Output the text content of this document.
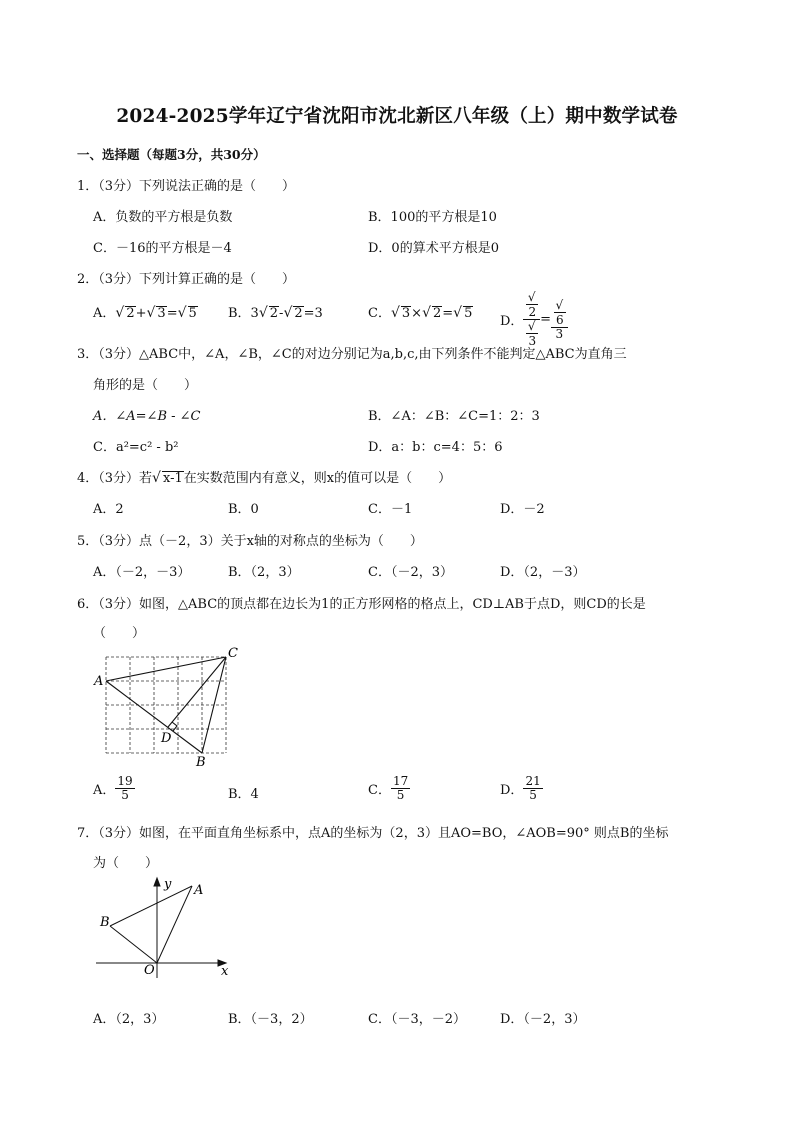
2024-2025学年辽宁省沈阳市沈北新区八年级（上）期中数学试卷
一、选择题（每题3分，共30分）
1．（3分）下列说法正确的是（　　）
A．负数的平方根是负数	B．100的平方根是10
C．－16的平方根是－4	D．0的算术平方根是0
2．（3分）下列计算正确的是（　　）
A．√ 2+√ 3=√ 5 B．3√ 2-√ 2=3	C．√ 3×√ 2=√ 5
D． √
2
√
3 = √
6
3
3．（3分）△ABC中，∠A，∠B，∠C的对边分别记为a,b,c,由下列条件不能判定△ABC为直角三
角形的是（　　）
A．∠A=∠B - ∠C	B．∠A：∠B：∠C=1：2：3
C．a²=c² - b²	D．a：b：c=4：5：6
4．（3分）若√ x-1在实数范围内有意义，则x的值可以是（　　）
A．2	B．0	C．－1	D．－2
5．（3分）点（－2，3）关于x轴的对称点的坐标为（　　）
A．（－2，－3）	B．（2，3）	C．（－2，3）	D．（2，－3）
6．（3分）如图，△ABC的顶点都在边长为1的正方形网格的格点上，CD⊥AB于点D，则CD的长是
（　　）
A
C
B
D
A． $\frac{19}{5}$	B．4	C． $\frac{17}{5}$	D． $\frac{21}{5}$
7．（3分）如图，在平面直角坐标系中，点A的坐标为（2，3）且AO=BO，∠AOB=90° 则点B的坐标
为（　　）
y
x
O
A
B
A．（2，3）	B．（－3，2）	C．（－3，－2）	D．（－2，3）
